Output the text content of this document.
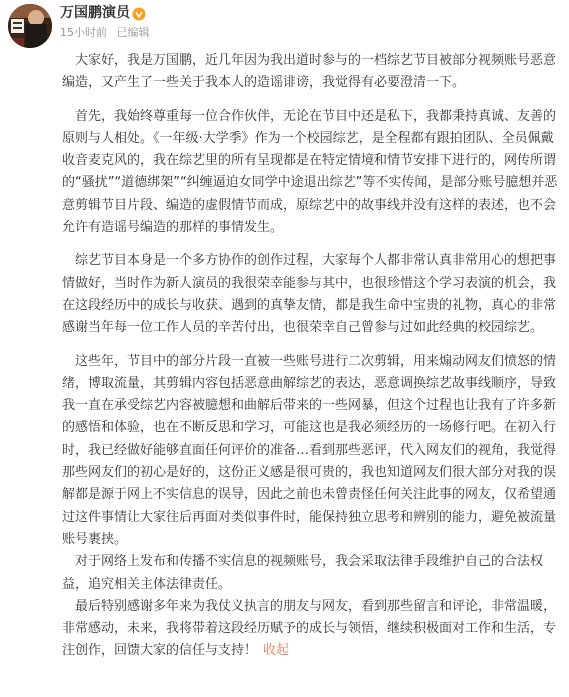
万国鹏演员
15小时前 已编辑

大家好，我是万国鹏，近几年因为我出道时参与的一档综艺节目被部分视频账号恶意编造，又产生了一些关于我本人的造谣诽谤，我觉得有必要澄清一下。

首先，我始终尊重每一位合作伙伴，无论在节目中还是私下，我都秉持真诚、友善的原则与人相处。《一年级·大学季》作为一个校园综艺，是全程都有跟拍团队、全员佩戴收音麦克风的，我在综艺里的所有呈现都是在特定情境和情节安排下进行的，网传所谓的“骚扰”“道德绑架”“纠缠逼迫女同学中途退出综艺”等不实传闻，是部分账号臆想并恶意剪辑节目片段、编造的虚假情节而成，原综艺中的故事线并没有这样的表述，也不会允许有造谣号编造的那样的事情发生。

综艺节目本身是一个多方协作的创作过程，大家每个人都非常认真非常用心的想把事情做好，当时作为新人演员的我很荣幸能参与其中，也很珍惜这个学习表演的机会，我在这段经历中的成长与收获、遇到的真挚友情，都是我生命中宝贵的礼物，真心的非常感谢当年每一位工作人员的辛苦付出，也很荣幸自己曾参与过如此经典的校园综艺。

这些年，节目中的部分片段一直被一些账号进行二次剪辑，用来煽动网友们愤怒的情绪，博取流量，其剪辑内容包括恶意曲解综艺的表达，恶意调换综艺故事线顺序，导致我一直在承受综艺内容被臆想和曲解后带来的一些网暴，但这个过程也让我有了许多新的感悟和体验，也在不断反思和学习，可能这也是我必须经历的一场修行吧。在初入行时，我已经做好能够直面任何评价的准备…看到那些恶评，代入网友们的视角，我觉得那些网友们的初心是好的，这份正义感是很可贵的，我也知道网友们很大部分对我的误解都是源于网上不实信息的误导，因此之前也未曾责怪任何关注此事的网友，仅希望通过这件事情让大家往后再面对类似事件时，能保持独立思考和辨别的能力，避免被流量账号裹挟。

对于网络上发布和传播不实信息的视频账号，我会采取法律手段维护自己的合法权益，追究相关主体法律责任。

最后特别感谢多年来为我仗义执言的朋友与网友，看到那些留言和评论，非常温暖，非常感动，未来，我将带着这段经历赋予的成长与领悟，继续积极面对工作和生活，专注创作，回馈大家的信任与支持！ 收起
